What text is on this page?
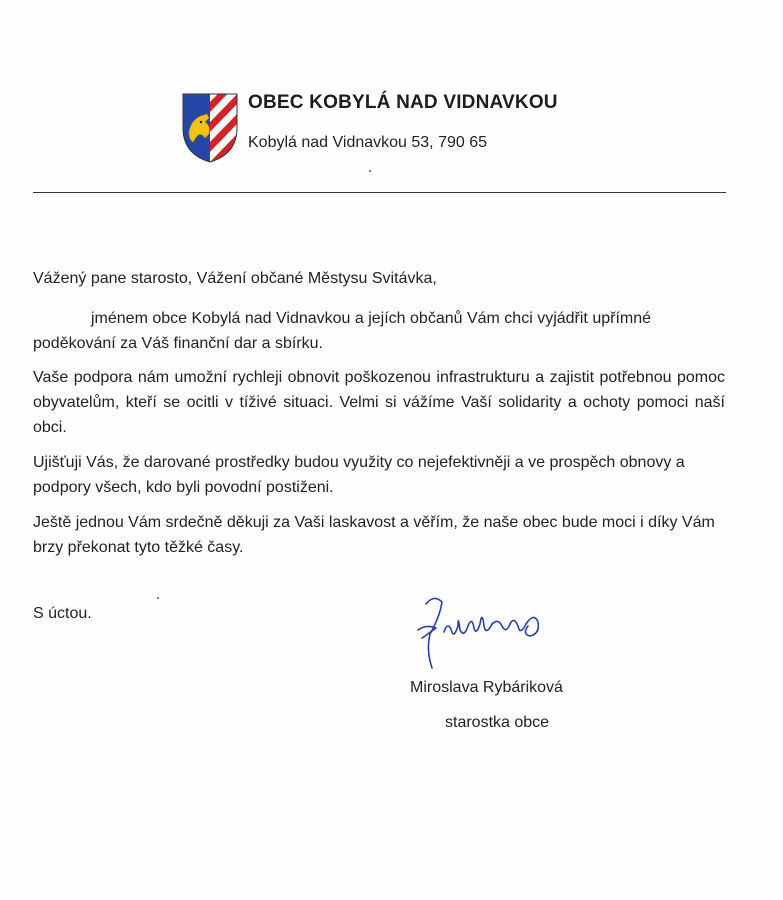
OBEC KOBYLÁ NAD VIDNAVKOU
Kobylá nad Vidnavkou 53, 790 65
Vážený pane starosto, Vážení občané Městysu Svitávka,
jménem obce Kobylá nad Vidnavkou a jejích občanů Vám chci vyjádřit upřímné poděkování za Váš finanční dar a sbírku.
Vaše podpora nám umožní rychleji obnovit poškozenou infrastrukturu a zajistit potřebnou pomoc obyvatelům, kteří se ocitli v tíživé situaci. Velmi si vážíme Vaší solidarity a ochoty pomoci naší obci.
Ujišťuji Vás, že darované prostředky budou využity co nejefektivněji a ve prospěch obnovy a podpory všech, kdo byli povodní postiženi.
Ještě jednou Vám srdečně děkuji za Vaši laskavost a věřím, že naše obec bude moci i díky Vám brzy překonat tyto těžké časy.
S úctou.
Miroslava Rybáriková
starostka obce
